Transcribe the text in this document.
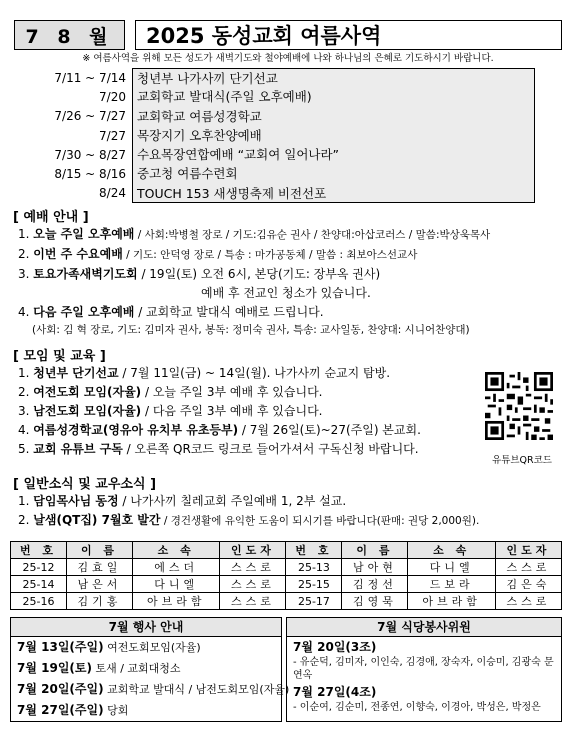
7 8 월	2025 동성교회 여름사역
※ 여름사역을 위해 모든 성도가 새벽기도와 철야예배에 나와 하나님의 은혜로 기도하시기 바랍니다.
7/11 ~ 7/14 청년부 나가사끼 단기선교
7/20 교회학교 발대식(주일 오후예배)
7/26 ~ 7/27 교회학교 여름성경학교
7/27 목장지기 오후찬양예배
7/30 ~ 8/27 수요목장연합예배 “교회여 일어나라”
8/15 ~ 8/16 중고청 여름수련회
8/24 TOUCH 153 새생명축제 비전선포
[ 예배 안내 ]
1. 오늘 주일 오후예배 / 사회:박병철 장로 / 기도:김유순 권사 / 찬양대:아삽코러스 / 말씀:박상욱목사
2. 이번 주 수요예배 / 기도: 안덕영 장로 / 특송 : 마가공동체 / 말씀 : 최보아스선교사
3. 토요가족새벽기도회 / 19일(토) 오전 6시, 본당(기도: 장부옥 권사)
예배 후 전교인 청소가 있습니다.
4. 다음 주일 오후예배 / 교회학교 발대식 예배로 드립니다.
(사회: 김 혁 장로, 기도: 김미자 권사, 봉독: 정미숙 권사, 특송: 교사일동, 찬양대: 시니어찬양대)
[ 모임 및 교육 ]
1. 청년부 단기선교 / 7월 11일(금) ~ 14일(월). 나가사끼 순교지 탐방.
2. 여전도회 모임(자율) / 오늘 주일 3부 예배 후 있습니다.
3. 남전도회 모임(자율) / 다음 주일 3부 예배 후 있습니다.
4. 여름성경학교(영유아 유치부 유초등부) / 7월 26일(토)~27(주일) 본교회.
5. 교회 유튜브 구독 / 오른쪽 QR코드 링크로 들어가셔서 구독신청 바랍니다.
유튜브QR코드
[ 일반소식 및 교우소식 ]
1. 담임목사님 동정 / 나가사끼 칠레교회 주일예배 1, 2부 설교.
2. 날샘(QT집) 7월호 발간 / 경건생활에 유익한 도움이 되시기를 바랍니다(판매: 권당 2,000원).
번 호	이 름	소 속	인도자	번 호	이 름	소 속	인도자
25-12	김효일	에스더	스스로	25-13	남아현	다니엘	스스로
25-14	남은서	다니엘	스스로	25-15	김정선	드보라	김은숙
25-16	김기홍	아브라함	스스로	25-17	김영묵	아브라함	스스로
7월 행사 안내
7월 13일(주일) 여전도회모임(자율)
7월 19일(토) 토새 / 교회대청소
7월 20일(주일) 교회학교 발대식 / 남전도회모임(자율)
7월 27일(주일) 당회
7월 식당봉사위원
7월 20일(3조)
- 유순덕, 김미자, 이인숙, 김경애, 장숙자, 이승미, 김광숙 문연옥
7월 27일(4조)
- 이순여, 김순미, 전종연, 이향숙, 이경아, 박성은, 박정은
